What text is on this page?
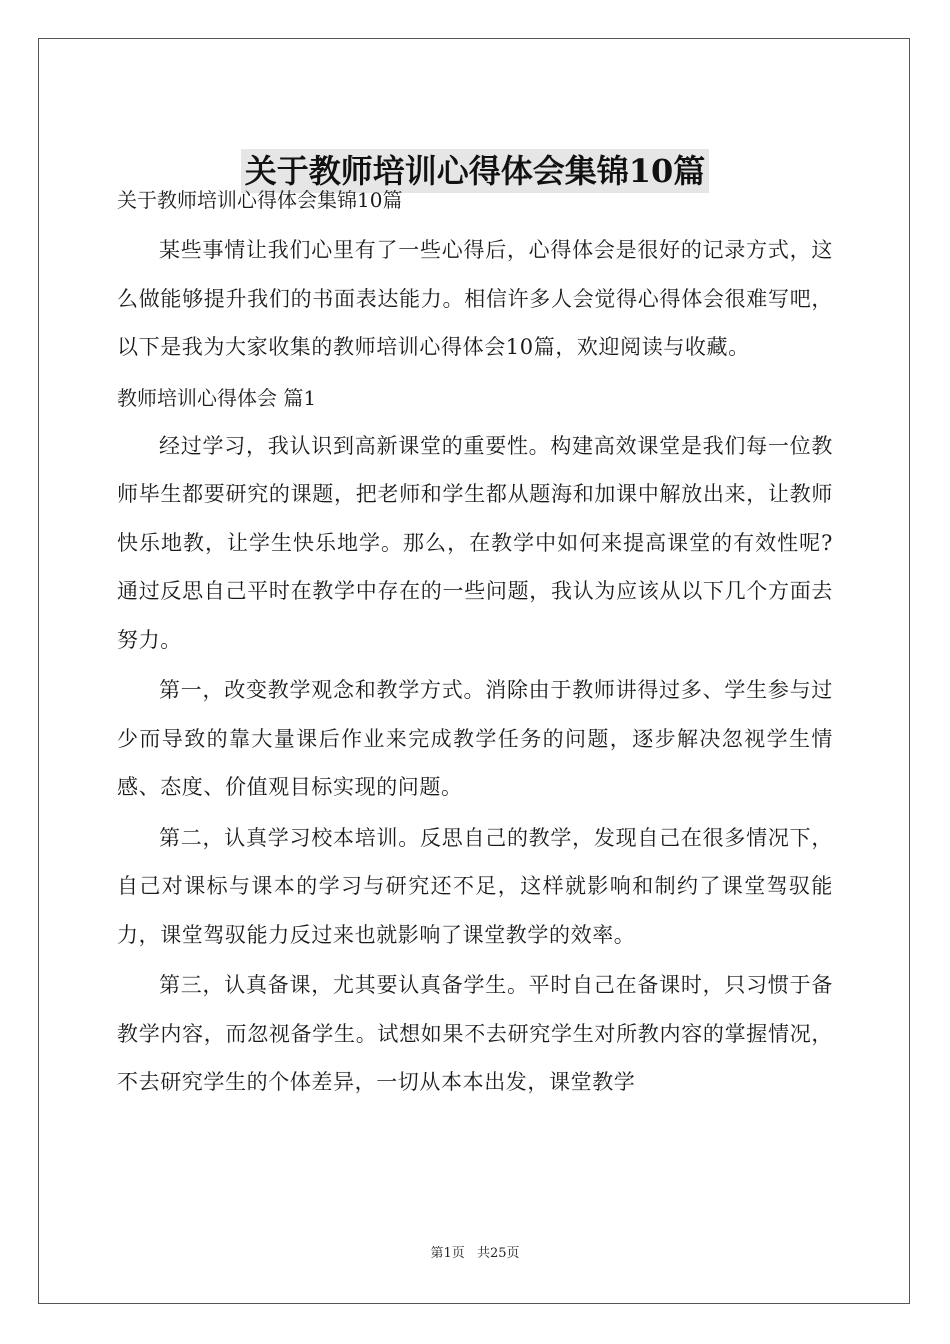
关于教师培训心得体会集锦10篇

关于教师培训心得体会集锦10篇

某些事情让我们心里有了一些心得后，心得体会是很好的记录方式，这么做能够提升我们的书面表达能力。相信许多人会觉得心得体会很难写吧，以下是我为大家收集的教师培训心得体会10篇，欢迎阅读与收藏。

教师培训心得体会 篇1

经过学习，我认识到高新课堂的重要性。构建高效课堂是我们每一位教师毕生都要研究的课题，把老师和学生都从题海和加课中解放出来，让教师快乐地教，让学生快乐地学。那么，在教学中如何来提高课堂的有效性呢?通过反思自己平时在教学中存在的一些问题，我认为应该从以下几个方面去努力。

第一，改变教学观念和教学方式。消除由于教师讲得过多、学生参与过少而导致的靠大量课后作业来完成教学任务的问题，逐步解决忽视学生情感、态度、价值观目标实现的问题。

第二，认真学习校本培训。反思自己的教学，发现自己在很多情况下，自己对课标与课本的学习与研究还不足，这样就影响和制约了课堂驾驭能力，课堂驾驭能力反过来也就影响了课堂教学的效率。

第三，认真备课，尤其要认真备学生。平时自己在备课时，只习惯于备教学内容，而忽视备学生。试想如果不去研究学生对所教内容的掌握情况，不去研究学生的个体差异，一切从本本出发，课堂教学

第1页 共25页
